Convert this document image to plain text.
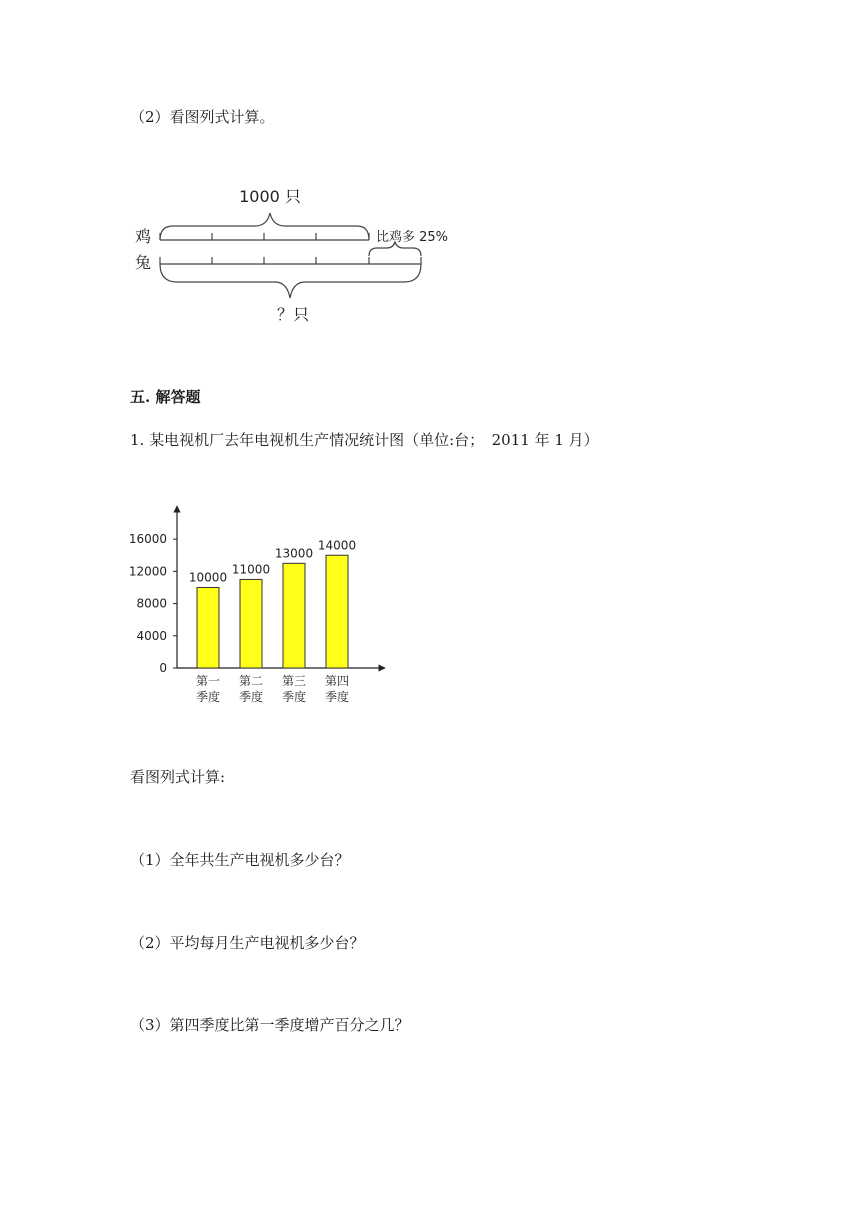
（2）看图列式计算。
1000 只
鸡	比鸡多 25%
兔
？只
五. 解答题
1. 某电视机厂去年电视机生产情况统计图（单位:台；　2011 年 1 月）
0
4000
8000
12000
16000
10000
11000
13000
14000
第一
季度
第二
季度
第三
季度
第四
季度
看图列式计算:
（1）全年共生产电视机多少台？
（2）平均每月生产电视机多少台？
（3）第四季度比第一季度增产百分之几？
